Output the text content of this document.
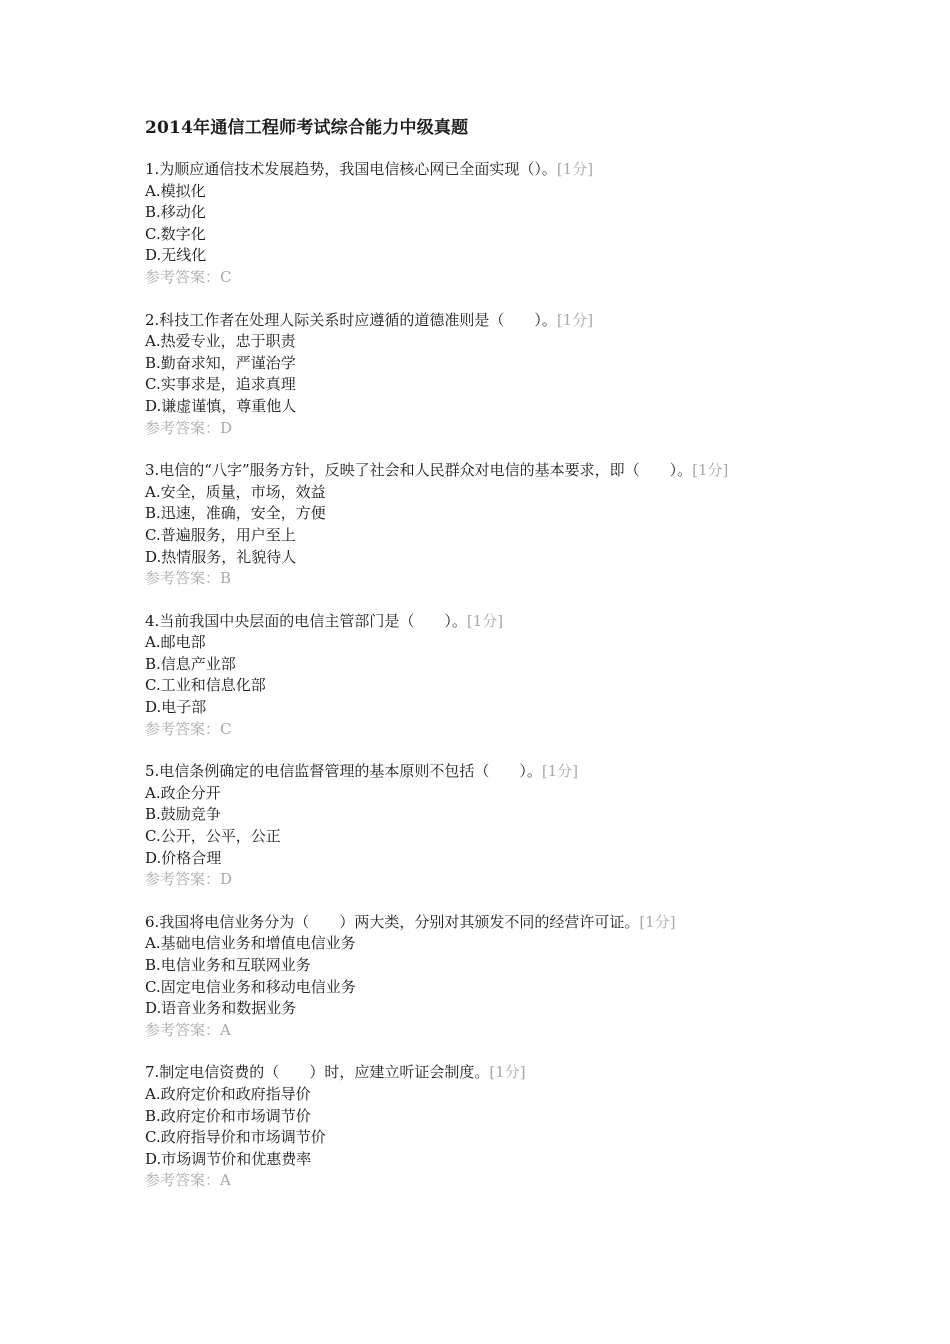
2014年通信工程师考试综合能力中级真题

1.为顺应通信技术发展趋势，我国电信核心网已全面实现（）。[1分]

A.模拟化

B.移动化

C.数字化

D.无线化

参考答案：C

2.科技工作者在处理人际关系时应遵循的道德准则是（　　）。[1分]

A.热爱专业，忠于职责

B.勤奋求知，严谨治学

C.实事求是，追求真理

D.谦虚谨慎，尊重他人

参考答案：D

3.电信的“八字”服务方针，反映了社会和人民群众对电信的基本要求，即（　　）。[1分]

A.安全，质量，市场，效益

B.迅速，准确，安全，方便

C.普遍服务，用户至上

D.热情服务，礼貌待人

参考答案：B

4.当前我国中央层面的电信主管部门是（　　）。[1分]

A.邮电部

B.信息产业部

C.工业和信息化部

D.电子部

参考答案：C

5.电信条例确定的电信监督管理的基本原则不包括（　　）。[1分]

A.政企分开

B.鼓励竞争

C.公开，公平，公正

D.价格合理

参考答案：D

6.我国将电信业务分为（　　）两大类，分别对其颁发不同的经营许可证。[1分]

A.基础电信业务和增值电信业务

B.电信业务和互联网业务

C.固定电信业务和移动电信业务

D.语音业务和数据业务

参考答案：A

7.制定电信资费的（　　）时，应建立听证会制度。[1分]

A.政府定价和政府指导价

B.政府定价和市场调节价

C.政府指导价和市场调节价

D.市场调节价和优惠费率

参考答案：A
